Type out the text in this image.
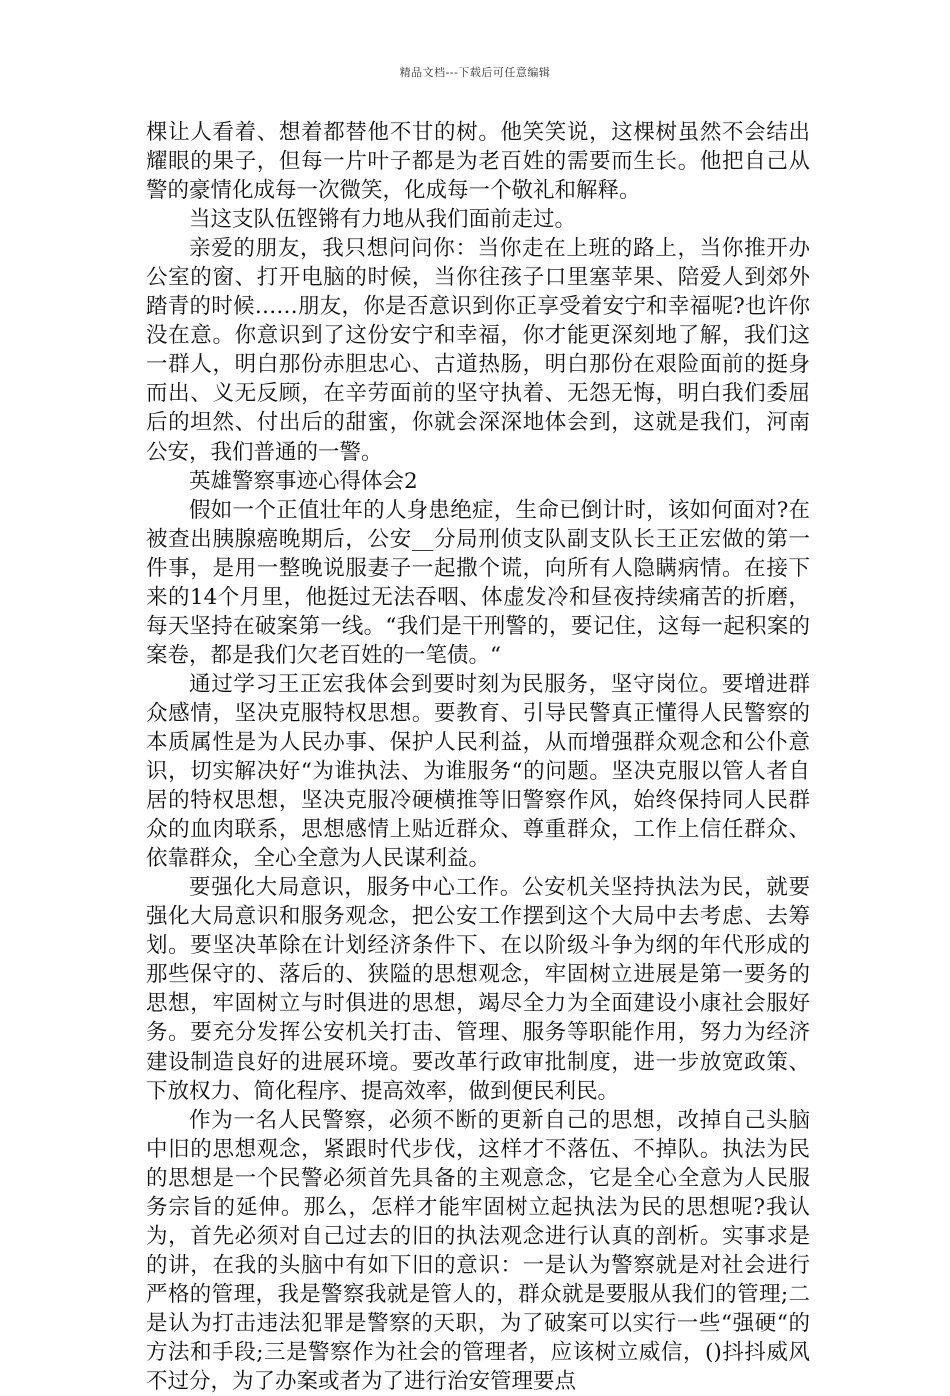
精品文档---下载后可任意编辑

棵让人看着、想着都替他不甘的树。他笑笑说，这棵树虽然不会结出耀眼的果子，但每一片叶子都是为老百姓的需要而生长。他把自己从警的豪情化成每一次微笑，化成每一个敬礼和解释。

当这支队伍铿锵有力地从我们面前走过。

亲爱的朋友，我只想问问你：当你走在上班的路上，当你推开办公室的窗、打开电脑的时候，当你往孩子口里塞苹果、陪爱人到郊外踏青的时候……朋友，你是否意识到你正享受着安宁和幸福呢?也许你没在意。你意识到了这份安宁和幸福，你才能更深刻地了解，我们这一群人，明白那份赤胆忠心、古道热肠，明白那份在艰险面前的挺身而出、义无反顾，在辛劳面前的坚守执着、无怨无悔，明白我们委屈后的坦然、付出后的甜蜜，你就会深深地体会到，这就是我们，河南公安，我们普通的一警。

英雄警察事迹心得体会2

假如一个正值壮年的人身患绝症，生命已倒计时，该如何面对?在被查出胰腺癌晚期后，公安__分局刑侦支队副支队长王正宏做的第一件事，是用一整晚说服妻子一起撒个谎，向所有人隐瞒病情。在接下来的14个月里，他挺过无法吞咽、体虚发冷和昼夜持续痛苦的折磨，每天坚持在破案第一线。“我们是干刑警的，要记住，这每一起积案的案卷，都是我们欠老百姓的一笔债。“

通过学习王正宏我体会到要时刻为民服务，坚守岗位。要增进群众感情，坚决克服特权思想。要教育、引导民警真正懂得人民警察的本质属性是为人民办事、保护人民利益，从而增强群众观念和公仆意识，切实解决好“为谁执法、为谁服务“的问题。坚决克服以管人者自居的特权思想，坚决克服冷硬横推等旧警察作风，始终保持同人民群众的血肉联系，思想感情上贴近群众、尊重群众，工作上信任群众、依靠群众，全心全意为人民谋利益。

要强化大局意识，服务中心工作。公安机关坚持执法为民，就要强化大局意识和服务观念，把公安工作摆到这个大局中去考虑、去筹划。要坚决革除在计划经济条件下、在以阶级斗争为纲的年代形成的那些保守的、落后的、狭隘的思想观念，牢固树立进展是第一要务的思想，牢固树立与时俱进的思想，竭尽全力为全面建设小康社会服好务。要充分发挥公安机关打击、管理、服务等职能作用，努力为经济建设制造良好的进展环境。要改革行政审批制度，进一步放宽政策、下放权力、简化程序、提高效率，做到便民利民。

作为一名人民警察，必须不断的更新自己的思想，改掉自己头脑中旧的思想观念，紧跟时代步伐，这样才不落伍、不掉队。执法为民的思想是一个民警必须首先具备的主观意念，它是全心全意为人民服务宗旨的延伸。那么，怎样才能牢固树立起执法为民的思想呢?我认为，首先必须对自己过去的旧的执法观念进行认真的剖析。实事求是的讲，在我的头脑中有如下旧的意识：一是认为警察就是对社会进行严格的管理，我是警察我就是管人的，群众就是要服从我们的管理;二是认为打击违法犯罪是警察的天职，为了破案可以实行一些“强硬“的方法和手段;三是警察作为社会的管理者，应该树立威信，()抖抖威风不过分，为了办案或者为了进行治安管理要点
